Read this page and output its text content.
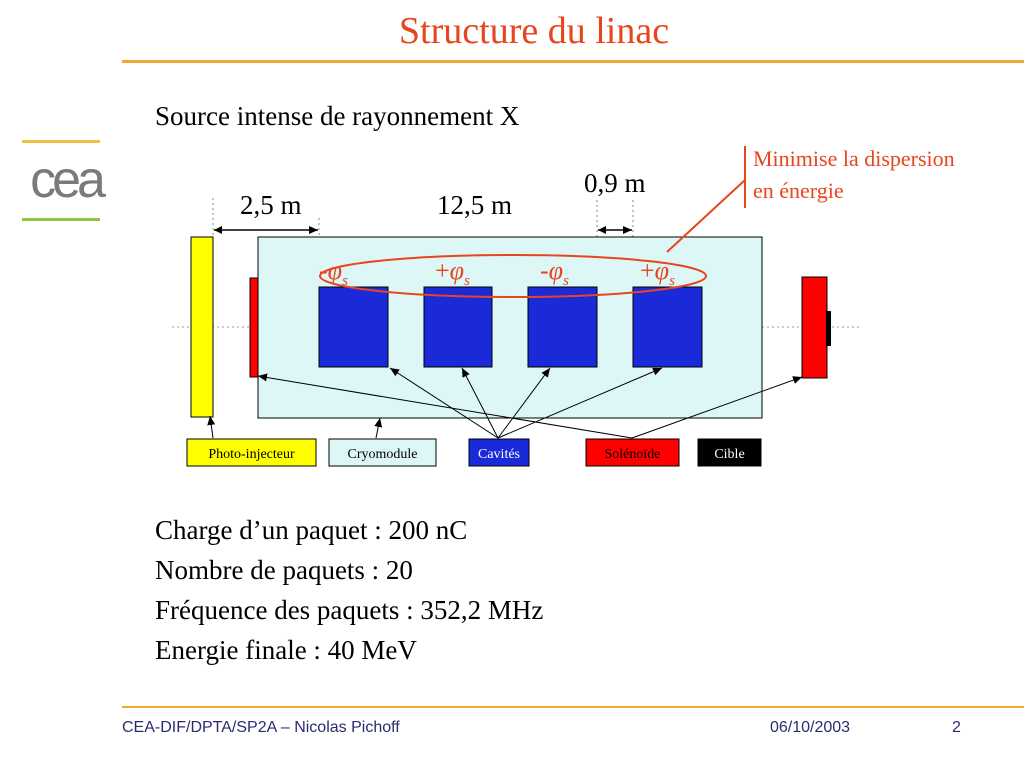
Structure du linac
cea
Source intense de rayonnement X
2,5 m	12,5 m
0,9 m
$-\varphi_s$	$+\varphi_s$	$-\varphi_s$	$+\varphi_s$
Minimise la dispersion
en énergie
Photo-injecteur	Cryomodule	Cavités	Solénoïde	Cible
Charge d’un paquet : 200 nC
Nombre de paquets : 20
Fréquence des paquets : 352,2 MHz
Energie finale : 40 MeV
CEA-DIF/DPTA/SP2A – Nicolas Pichoff	06/10/2003	2
